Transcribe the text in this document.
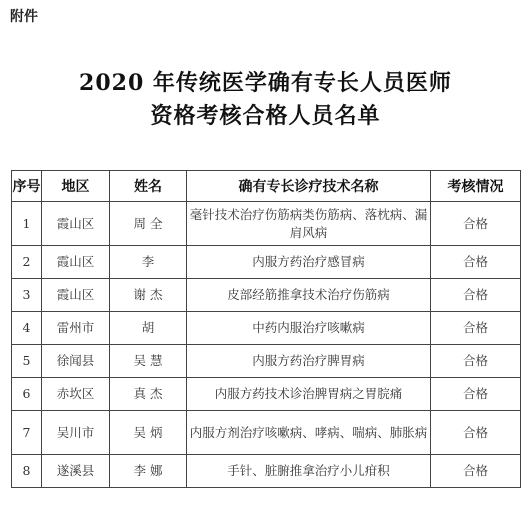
附件
2020 年传统医学确有专长人员医师
资格考核合格人员名单
序号	地区	姓名	确有专长诊疗技术名称	考核情况
1	霞山区	周 全	毫针技术治疗伤筋病类伤筋病、落枕病、漏肩风病	合格
2	霞山区	李	内服方药治疗感冒病	合格
3	霞山区	谢 杰	皮部经筋推拿技术治疗伤筋病	合格
4	雷州市	胡	中药内服治疗咳嗽病	合格
5	徐闻县	吴 慧	内服方药治疗脾胃病	合格
6	赤坎区	真 杰	内服方药技术诊治脾胃病之胃脘痛	合格
7	吴川市	吴 炳	内服方剂治疗咳嗽病、哮病、喘病、肺胀病	合格
8	遂溪县	李 娜	手针、脏腑推拿治疗小儿疳积	合格
